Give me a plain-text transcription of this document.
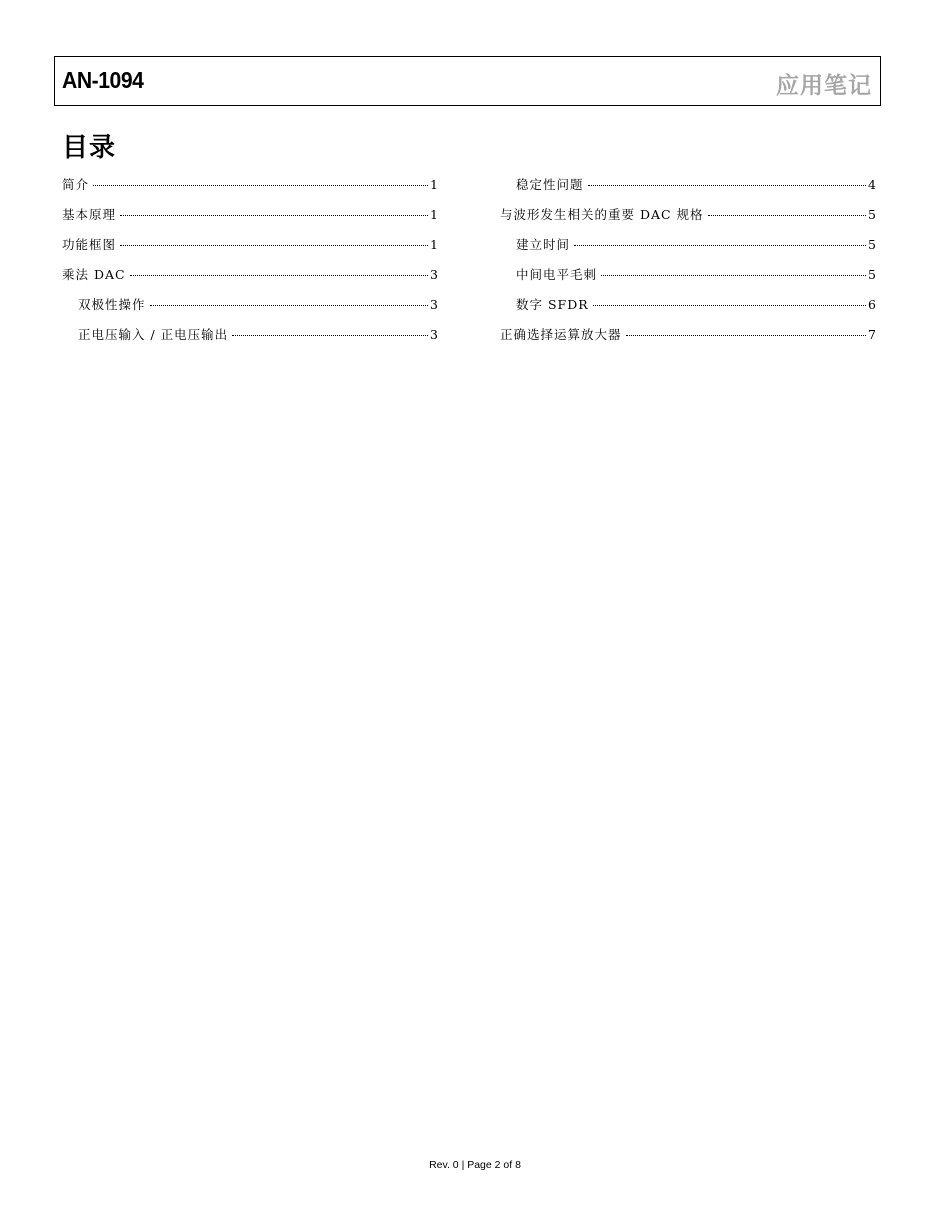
AN-1094	应用笔记
目录
简介	1
基本原理	1
功能框图	1
乘法 DAC	3
双极性操作	3
正电压输入 / 正电压输出	3
稳定性问题	4
与波形发生相关的重要 DAC 规格	5
建立时间	5
中间电平毛刺	5
数字 SFDR	6
正确选择运算放大器	7
Rev. 0 | Page 2 of 8
